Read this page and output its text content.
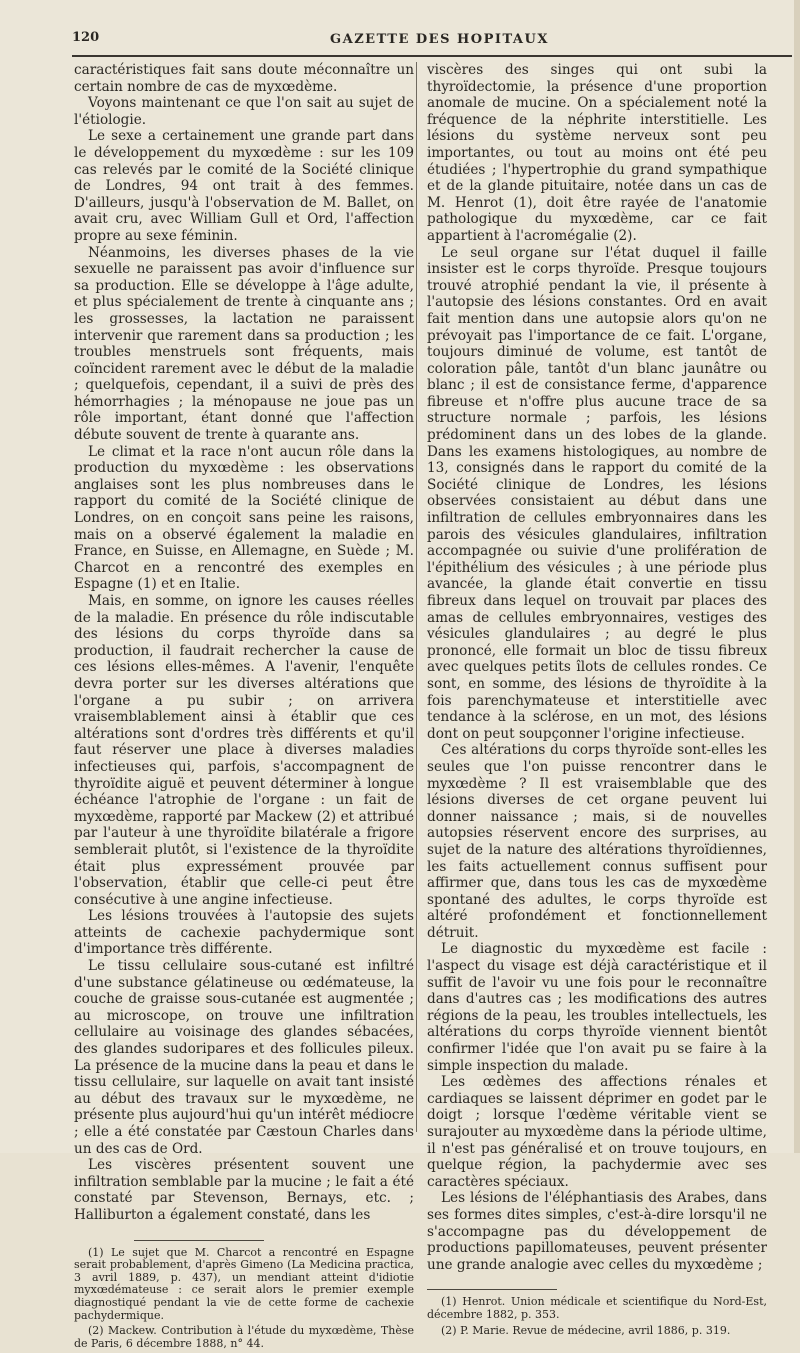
120	GAZETTE DES HOPITAUX

caractéristiques fait sans doute méconnaître un certain nombre de cas de myxœdème.

Voyons maintenant ce que l'on sait au sujet de l'étiologie.

Le sexe a certainement une grande part dans le développement du myxœdème : sur les 109 cas relevés par le comité de la Société clinique de Londres, 94 ont trait à des femmes. D'ailleurs, jusqu'à l'observation de M. Ballet, on avait cru, avec William Gull et Ord, l'affection propre au sexe féminin.

Néanmoins, les diverses phases de la vie sexuelle ne paraissent pas avoir d'influence sur sa production. Elle se développe à l'âge adulte, et plus spécialement de trente à cinquante ans ; les grossesses, la lactation ne paraissent intervenir que rarement dans sa production ; les troubles menstruels sont fréquents, mais coïncident rarement avec le début de la maladie ; quelquefois, cependant, il a suivi de près des hémorrhagies ; la ménopause ne joue pas un rôle important, étant donné que l'affection débute souvent de trente à quarante ans.

Le climat et la race n'ont aucun rôle dans la production du myxœdème : les observations anglaises sont les plus nombreuses dans le rapport du comité de la Société clinique de Londres, on en conçoit sans peine les raisons, mais on a observé également la maladie en France, en Suisse, en Allemagne, en Suède ; M. Charcot en a rencontré des exemples en Espagne (1) et en Italie.

Mais, en somme, on ignore les causes réelles de la maladie. En présence du rôle indiscutable des lésions du corps thyroïde dans sa production, il faudrait rechercher la cause de ces lésions elles-mêmes. A l'avenir, l'enquête devra porter sur les diverses altérations que l'organe a pu subir ; on arrivera vraisemblablement ainsi à établir que ces altérations sont d'ordres très différents et qu'il faut réserver une place à diverses maladies infectieuses qui, parfois, s'accompagnent de thyroïdite aiguë et peuvent déterminer à longue échéance l'atrophie de l'organe : un fait de myxœdème, rapporté par Mackew (2) et attribué par l'auteur à une thyroïdite bilatérale a frigore semblerait plutôt, si l'existence de la thyroïdite était plus expressément prouvée par l'observation, établir que celle-ci peut être consécutive à une angine infectieuse.

Les lésions trouvées à l'autopsie des sujets atteints de cachexie pachydermique sont d'importance très différente.

Le tissu cellulaire sous-cutané est infiltré d'une substance gélatineuse ou œdémateuse, la couche de graisse sous-cutanée est augmentée ; au microscope, on trouve une infiltration cellulaire au voisinage des glandes sébacées, des glandes sudoripares et des follicules pileux. La présence de la mucine dans la peau et dans le tissu cellulaire, sur laquelle on avait tant insisté au début des travaux sur le myxœdème, ne présente plus aujourd'hui qu'un intérêt médiocre ; elle a été constatée par Cæstoun Charles dans un des cas de Ord.

Les viscères présentent souvent une infiltration semblable par la mucine ; le fait a été constaté par Stevenson, Bernays, etc. ; Halliburton a également constaté, dans les

(1) Le sujet que M. Charcot a rencontré en Espagne serait probablement, d'après Gimeno (La Medicina practica, 3 avril 1889, p. 437), un mendiant atteint d'idiotie myxœdémateuse : ce serait alors le premier exemple diagnostiqué pendant la vie de cette forme de cachexie pachydermique.
(2) Mackew. Contribution à l'étude du myxœdème, Thèse de Paris, 6 décembre 1888, n° 44.

viscères des singes qui ont subi la thyroïdectomie, la présence d'une proportion anomale de mucine. On a spécialement noté la fréquence de la néphrite interstitielle. Les lésions du système nerveux sont peu importantes, ou tout au moins ont été peu étudiées ; l'hypertrophie du grand sympathique et de la glande pituitaire, notée dans un cas de M. Henrot (1), doit être rayée de l'anatomie pathologique du myxœdème, car ce fait appartient à l'acromégalie (2).

Le seul organe sur l'état duquel il faille insister est le corps thyroïde. Presque toujours trouvé atrophié pendant la vie, il présente à l'autopsie des lésions constantes. Ord en avait fait mention dans une autopsie alors qu'on ne prévoyait pas l'importance de ce fait. L'organe, toujours diminué de volume, est tantôt de coloration pâle, tantôt d'un blanc jaunâtre ou blanc ; il est de consistance ferme, d'apparence fibreuse et n'offre plus aucune trace de sa structure normale ; parfois, les lésions prédominent dans un des lobes de la glande. Dans les examens histologiques, au nombre de 13, consignés dans le rapport du comité de la Société clinique de Londres, les lésions observées consistaient au début dans une infiltration de cellules embryonnaires dans les parois des vésicules glandulaires, infiltration accompagnée ou suivie d'une prolifération de l'épithélium des vésicules ; à une période plus avancée, la glande était convertie en tissu fibreux dans lequel on trouvait par places des amas de cellules embryonnaires, vestiges des vésicules glandulaires ; au degré le plus prononcé, elle formait un bloc de tissu fibreux avec quelques petits îlots de cellules rondes. Ce sont, en somme, des lésions de thyroïdite à la fois parenchymateuse et interstitielle avec tendance à la sclérose, en un mot, des lésions dont on peut soupçonner l'origine infectieuse.

Ces altérations du corps thyroïde sont-elles les seules que l'on puisse rencontrer dans le myxœdème ? Il est vraisemblable que des lésions diverses de cet organe peuvent lui donner naissance ; mais, si de nouvelles autopsies réservent encore des surprises, au sujet de la nature des altérations thyroïdiennes, les faits actuellement connus suffisent pour affirmer que, dans tous les cas de myxœdème spontané des adultes, le corps thyroïde est altéré profondément et fonctionnellement détruit.

Le diagnostic du myxœdème est facile : l'aspect du visage est déjà caractéristique et il suffit de l'avoir vu une fois pour le reconnaître dans d'autres cas ; les modifications des autres régions de la peau, les troubles intellectuels, les altérations du corps thyroïde viennent bientôt confirmer l'idée que l'on avait pu se faire à la simple inspection du malade.

Les œdèmes des affections rénales et cardiaques se laissent déprimer en godet par le doigt ; lorsque l'œdème véritable vient se surajouter au myxœdème dans la période ultime, il n'est pas généralisé et on trouve toujours, en quelque région, la pachydermie avec ses caractères spéciaux.

Les lésions de l'éléphantiasis des Arabes, dans ses formes dites simples, c'est-à-dire lorsqu'il ne s'accompagne pas du développement de productions papillomateuses, peuvent présenter une grande analogie avec celles du myxœdème ;

(1) Henrot. Union médicale et scientifique du Nord-Est, décembre 1882, p. 353.
(2) P. Marie. Revue de médecine, avril 1886, p. 319.
